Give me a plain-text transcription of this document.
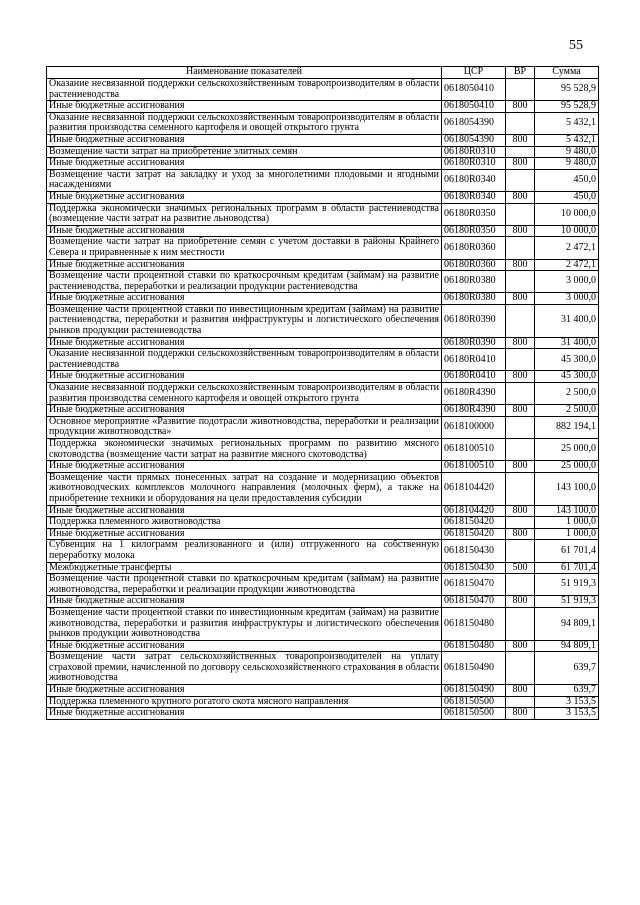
55
Наименование показателей	ЦСР	ВР	Сумма
Оказание несвязанной поддержки сельскохозяйственным товаропроизводителям в области растениеводства	0618050410		95 528,9
Иные бюджетные ассигнования	0618050410	800	95 528,9
Оказание несвязанной поддержки сельскохозяйственным товаропроизводителям в области развития производства семенного картофеля и овощей открытого грунта	0618054390		5 432,1
Иные бюджетные ассигнования	0618054390	800	5 432,1
Возмещение части затрат на приобретение элитных семян	06180R0310		9 480,0
Иные бюджетные ассигнования	06180R0310	800	9 480,0
Возмещение части затрат на закладку и уход за многолетними плодовыми и ягодными насаждениями	06180R0340		450,0
Иные бюджетные ассигнования	06180R0340	800	450,0
Поддержка экономически значимых региональных программ в области растениеводства (возмещение части затрат на развитие льноводства)	06180R0350		10 000,0
Иные бюджетные ассигнования	06180R0350	800	10 000,0
Возмещение части затрат на приобретение семян с учетом доставки в районы Крайнего Севера и приравненные к ним местности	06180R0360		2 472,1
Иные бюджетные ассигнования	06180R0360	800	2 472,1
Возмещение части процентной ставки по краткосрочным кредитам (займам) на развитие растениеводства, переработки и реализации продукции растениеводства	06180R0380		3 000,0
Иные бюджетные ассигнования	06180R0380	800	3 000,0
Возмещение части процентной ставки по инвестиционным кредитам (займам) на развитие растениеводства, переработки и развития инфраструктуры и логистического обеспечения рынков продукции растениеводства	06180R0390		31 400,0
Иные бюджетные ассигнования	06180R0390	800	31 400,0
Оказание несвязанной поддержки сельскохозяйственным товаропроизводителям в области растениеводства	06180R0410		45 300,0
Иные бюджетные ассигнования	06180R0410	800	45 300,0
Оказание несвязанной поддержки сельскохозяйственным товаропроизводителям в области развития производства семенного картофеля и овощей открытого грунта	06180R4390		2 500,0
Иные бюджетные ассигнования	06180R4390	800	2 500,0
Основное мероприятие «Развитие подотрасли животноводства, переработки и реализации продукции животноводства»	0618100000		882 194,1
Поддержка экономически значимых региональных программ по развитию мясного скотоводства (возмещение части затрат на развитие мясного скотоводства)	0618100510		25 000,0
Иные бюджетные ассигнования	0618100510	800	25 000,0
Возмещение части прямых понесенных затрат на создание и модернизацию объектов животноводческих комплексов молочного направления (молочных ферм), а также на приобретение техники и оборудования на цели предоставления субсидии	0618104420		143 100,0
Иные бюджетные ассигнования	0618104420	800	143 100,0
Поддержка племенного животноводства	0618150420		1 000,0
Иные бюджетные ассигнования	0618150420	800	1 000,0
Субвенция на 1 килограмм реализованного и (или) отгруженного на собственную переработку молока	0618150430		61 701,4
Межбюджетные трансферты	0618150430	500	61 701,4
Возмещение части процентной ставки по краткосрочным кредитам (займам) на развитие животноводства, переработки и реализации продукции животноводства	0618150470		51 919,3
Иные бюджетные ассигнования	0618150470	800	51 919,3
Возмещение части процентной ставки по инвестиционным кредитам (займам) на развитие животноводства, переработки и развития инфраструктуры и логистического обеспечения рынков продукции животноводства	0618150480		94 809,1
Иные бюджетные ассигнования	0618150480	800	94 809,1
Возмещение части затрат сельскохозяйственных товаропроизводителей на уплату страховой премии, начисленной по договору сельскохозяйственного страхования в области животноводства	0618150490		639,7
Иные бюджетные ассигнования	0618150490	800	639,7
Поддержка племенного крупного рогатого скота мясного направления	0618150500		3 153,5
Иные бюджетные ассигнования	0618150500	800	3 153,5
